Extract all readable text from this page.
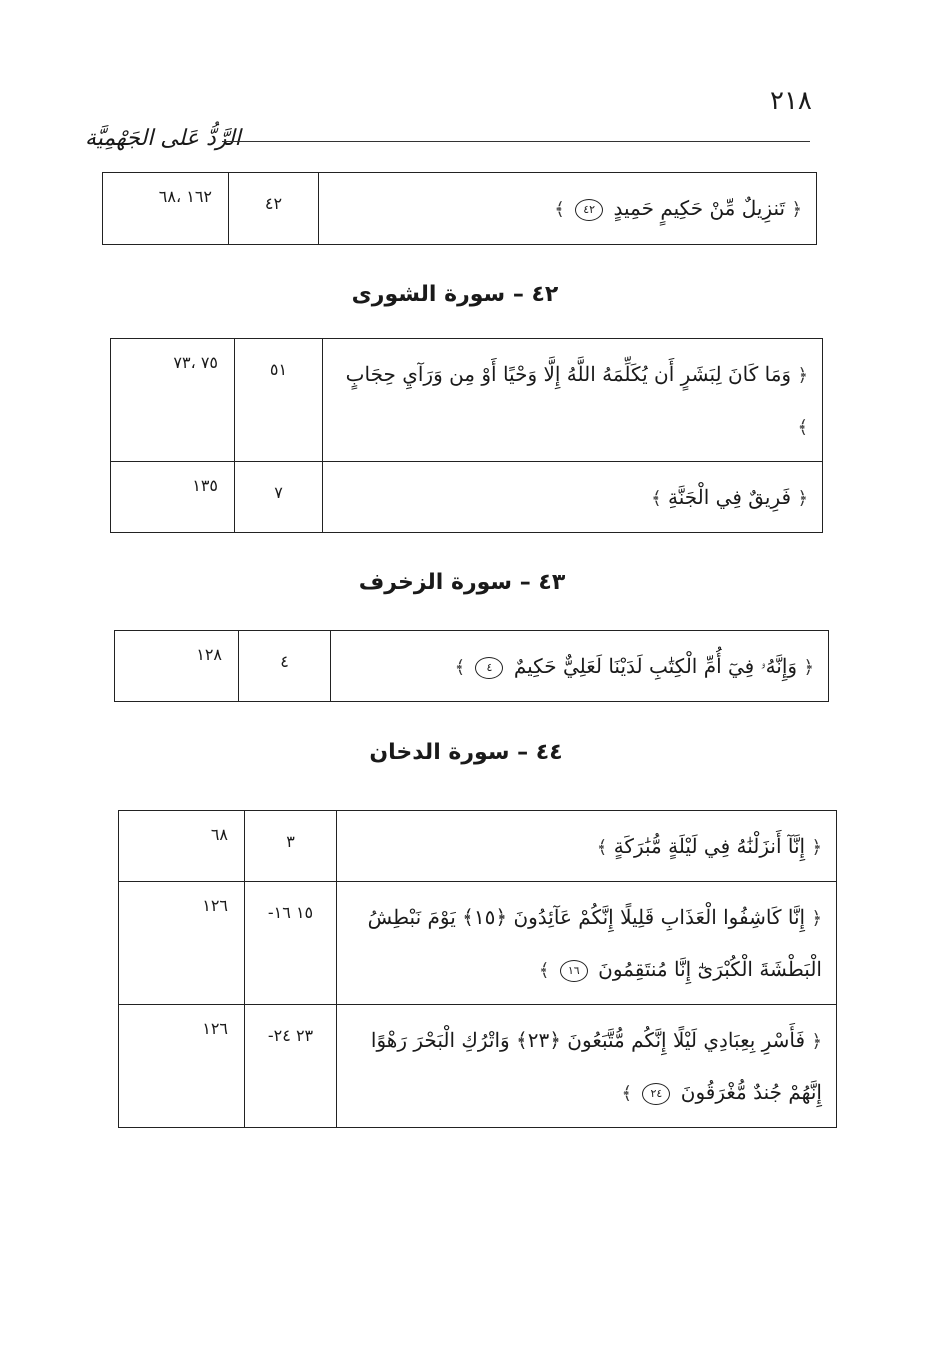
٢١٨
الرَّدُّ عَلى الجَهْمِيَّة
١٦٢ ،٦٨	٤٢	﴿ تَنزِيلٌ مِّنْ حَكِيمٍ حَمِيدٍ ٤٢ ﴾
٤٢ – سورة الشورى
٧٥ ،٧٣	٥١	﴿ وَمَا كَانَ لِبَشَرٍ أَن يُكَلِّمَهُ اللَّهُ إِلَّا وَحْيًا أَوْ مِن وَرَآيِ حِجَابٍ ﴾
١٣٥	٧	﴿ فَرِيقٌ فِي الْجَنَّةِ ﴾
٤٣ – سورة الزخرف
١٢٨	٤	﴿ وَإِنَّهُۥ فِيٓ أُمِّ الْكِتَٰبِ لَدَيْنَا لَعَلِيٌّ حَكِيمٌ ٤ ﴾
٤٤ – سورة الدخان
٦٨	٣	﴿ إِنَّآ أَنزَلْنَٰهُ فِي لَيْلَةٍ مُّبَٰرَكَةٍ ﴾
١٢٦	-١٥ ١٦	﴿ إِنَّا كَاشِفُوا الْعَذَابِ قَلِيلًا إِنَّكُمْ عَآئِدُونَ ﴿١٥﴾ يَوْمَ نَبْطِشُ الْبَطْشَةَ الْكُبْرَىٰٓ إِنَّا مُنتَقِمُونَ ١٦ ﴾
١٢٦	-٢٣ ٢٤	﴿ فَأَسْرِ بِعِبَادِي لَيْلًا إِنَّكُم مُّتَّبَعُونَ ﴿٢٣﴾ وَاتْرُكِ الْبَحْرَ رَهْوًا إِنَّهُمْ جُندٌ مُّغْرَقُونَ ٢٤ ﴾
